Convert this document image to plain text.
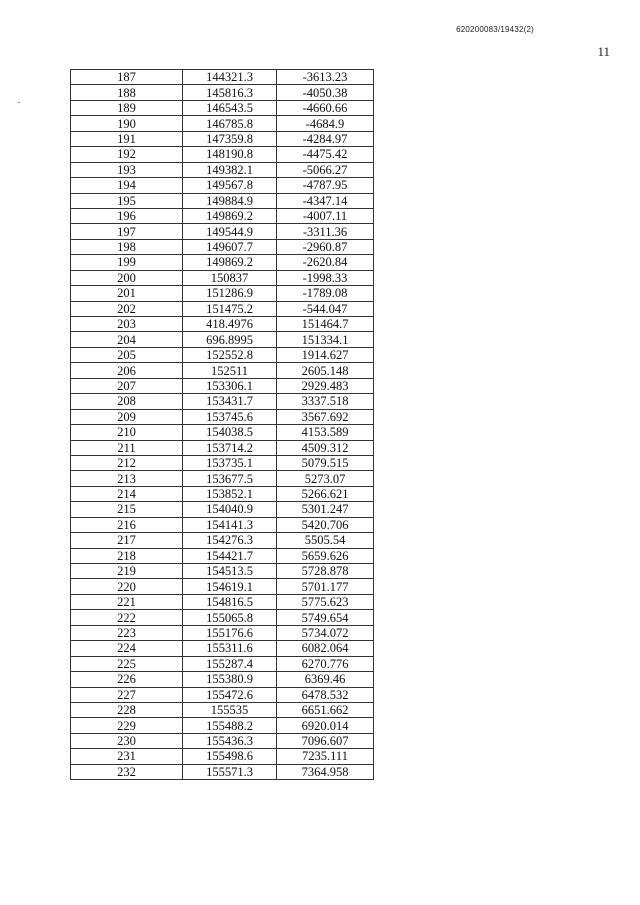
620200083/19432(2)
11
187	144321.3	-3613.23
188	145816.3	-4050.38
189	146543.5	-4660.66
190	146785.8	-4684.9
191	147359.8	-4284.97
192	148190.8	-4475.42
193	149382.1	-5066.27
194	149567.8	-4787.95
195	149884.9	-4347.14
196	149869.2	-4007.11
197	149544.9	-3311.36
198	149607.7	-2960.87
199	149869.2	-2620.84
200	150837	-1998.33
201	151286.9	-1789.08
202	151475.2	-544.047
203	418.4976	151464.7
204	696.8995	151334.1
205	152552.8	1914.627
206	152511	2605.148
207	153306.1	2929.483
208	153431.7	3337.518
209	153745.6	3567.692
210	154038.5	4153.589
211	153714.2	4509.312
212	153735.1	5079.515
213	153677.5	5273.07
214	153852.1	5266.621
215	154040.9	5301.247
216	154141.3	5420.706
217	154276.3	5505.54
218	154421.7	5659.626
219	154513.5	5728.878
220	154619.1	5701.177
221	154816.5	5775.623
222	155065.8	5749.654
223	155176.6	5734.072
224	155311.6	6082.064
225	155287.4	6270.776
226	155380.9	6369.46
227	155472.6	6478.532
228	155535	6651.662
229	155488.2	6920.014
230	155436.3	7096.607
231	155498.6	7235.111
232	155571.3	7364.958
